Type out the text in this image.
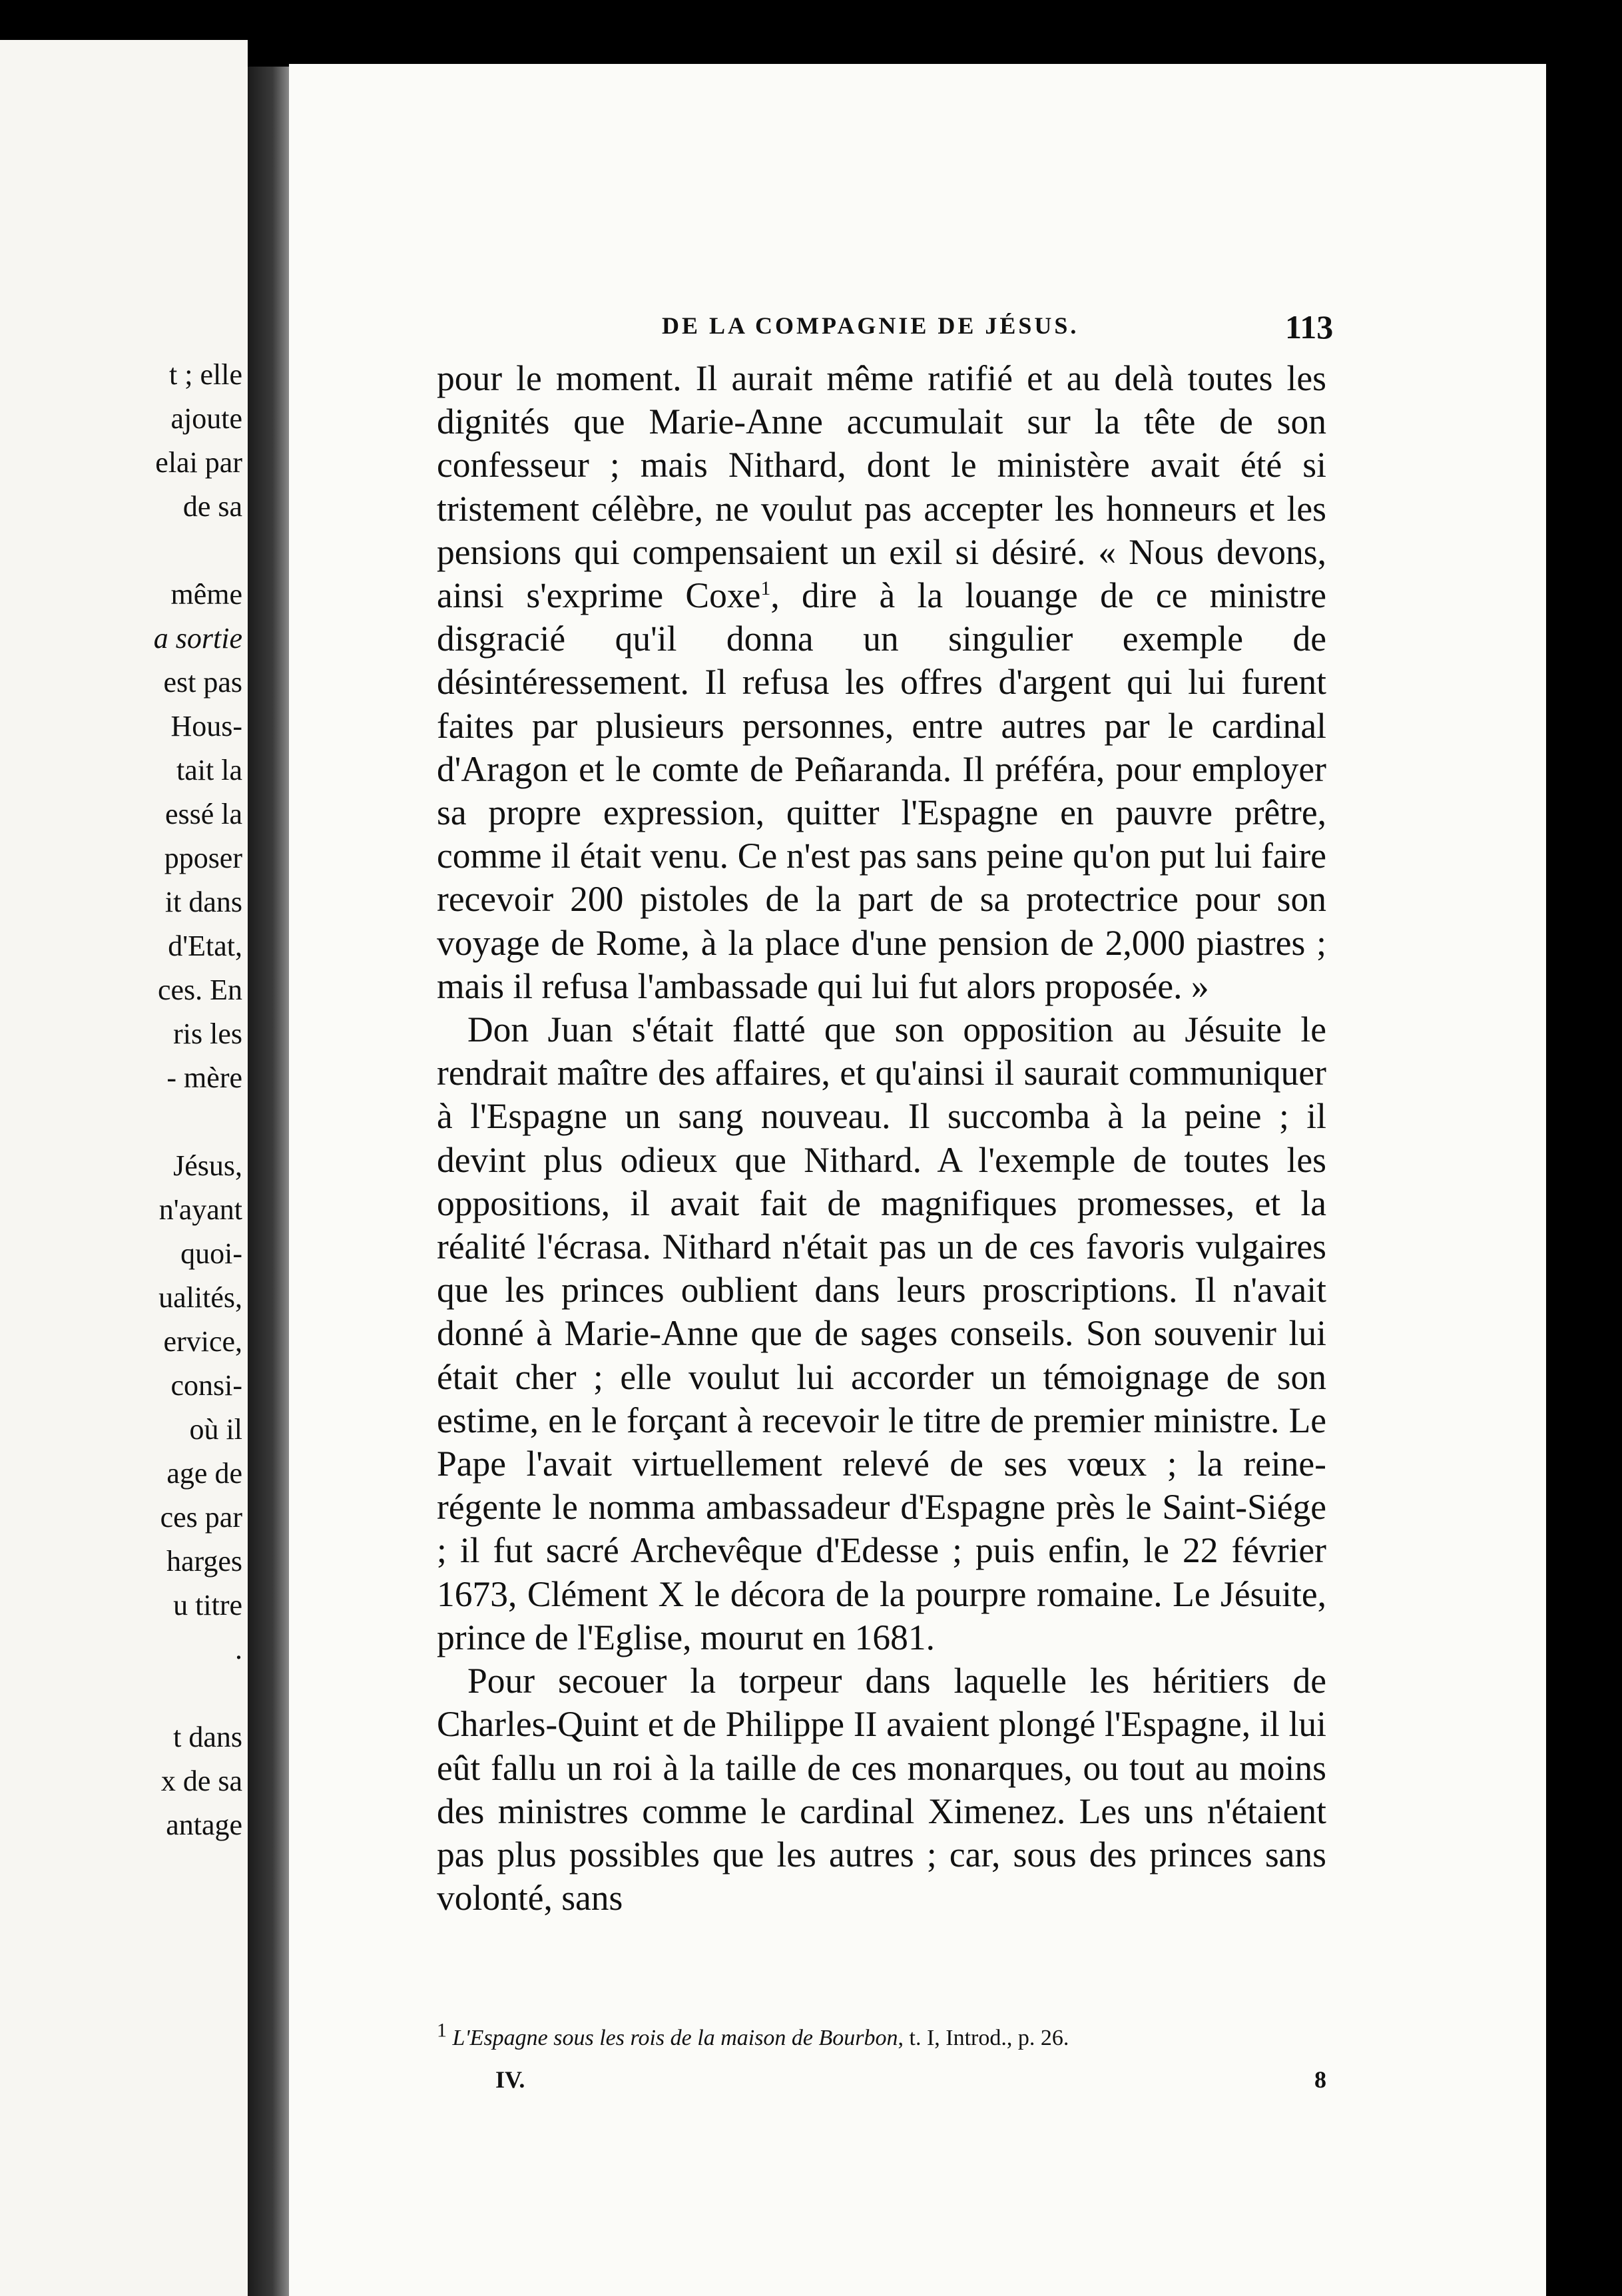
t ; elle
ajoute
elai par
de sa
même
a sortie
est pas
Hous-
tait la
essé la
pposer
it dans
d'Etat,
ces. En
ris les
- mère
Jésus,
n'ayant
quoi-
ualités,
ervice,
consi-
où il
age de
ces par
harges
u titre
.
t dans
x de sa
antage
DE LA COMPAGNIE DE JÉSUS.	113

pour le moment. Il aurait même ratifié et au delà toutes les dignités que Marie-Anne accumulait sur la tête de son confesseur ; mais Nithard, dont le ministère avait été si tristement célèbre, ne voulut pas accepter les honneurs et les pensions qui compensaient un exil si désiré. « Nous devons, ainsi s'exprime Coxe$^1$, dire à la louange de ce ministre disgracié qu'il donna un singulier exemple de désintéressement. Il refusa les offres d'argent qui lui furent faites par plusieurs personnes, entre autres par le cardinal d'Aragon et le comte de Peñaranda. Il préféra, pour employer sa propre expression, quitter l'Espagne en pauvre prêtre, comme il était venu. Ce n'est pas sans peine qu'on put lui faire recevoir 200 pistoles de la part de sa protectrice pour son voyage de Rome, à la place d'une pension de 2,000 piastres ; mais il refusa l'ambassade qui lui fut alors proposée. »

Don Juan s'était flatté que son opposition au Jésuite le rendrait maître des affaires, et qu'ainsi il saurait communiquer à l'Espagne un sang nouveau. Il succomba à la peine ; il devint plus odieux que Nithard. A l'exemple de toutes les oppositions, il avait fait de magnifiques promesses, et la réalité l'écrasa. Nithard n'était pas un de ces favoris vulgaires que les princes oublient dans leurs proscriptions. Il n'avait donné à Marie-Anne que de sages conseils. Son souvenir lui était cher ; elle voulut lui accorder un témoignage de son estime, en le forçant à recevoir le titre de premier ministre. Le Pape l'avait virtuellement relevé de ses vœux ; la reine-régente le nomma ambassadeur d'Espagne près le Saint-Siége ; il fut sacré Archevêque d'Edesse ; puis enfin, le 22 février 1673, Clément X le décora de la pourpre romaine. Le Jésuite, prince de l'Eglise, mourut en 1681.

Pour secouer la torpeur dans laquelle les héritiers de Charles-Quint et de Philippe II avaient plongé l'Espagne, il lui eût fallu un roi à la taille de ces monarques, ou tout au moins des ministres comme le cardinal Ximenez. Les uns n'étaient pas plus possibles que les autres ; car, sous des princes sans volonté, sans

$^1$ L'Espagne sous les rois de la maison de Bourbon, t. I, Introd., p. 26.
IV.	8
